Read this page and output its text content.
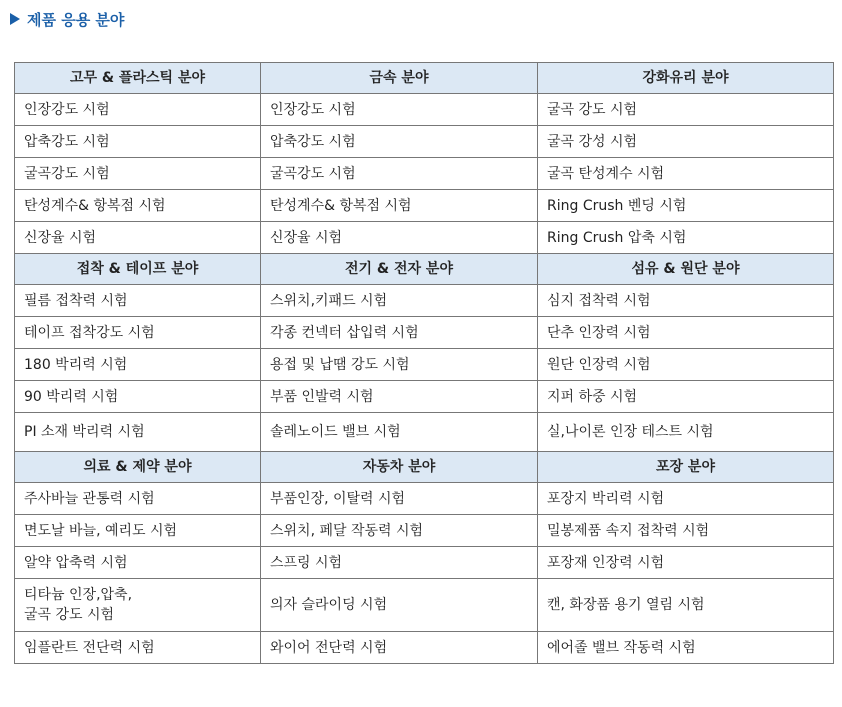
제품 응용 분야
고무 & 플라스틱 분야	금속 분야	강화유리 분야
인장강도 시험	인장강도 시험	굴곡 강도 시험
압축강도 시험	압축강도 시험	굴곡 강성 시험
굴곡강도 시험	굴곡강도 시험	굴곡 탄성계수 시험
탄성계수& 항복점 시험	탄성계수& 항복점 시험	Ring Crush 벤딩 시험
신장율 시험	신장율 시험	Ring Crush 압축 시험
접착 & 테이프 분야	전기 & 전자 분야	섬유 & 원단 분야
필름 접착력 시험	스위치,키패드 시험	심지 접착력 시험
테이프 접착강도 시험	각종 컨넥터 삽입력 시험	단추 인장력 시험
180 박리력 시험	용접 및 납땜 강도 시험	원단 인장력 시험
90 박리력 시험	부품 인발력 시험	지퍼 하중 시험
PI 소재 박리력 시험	솔레노이드 밸브 시험	실,나이론 인장 테스트 시험
의료 & 제약 분야	자동차 분야	포장 분야
주사바늘 관통력 시험	부품인장, 이탈력 시험	포장지 박리력 시험
면도날 바늘, 예리도 시험	스위치, 페달 작동력 시험	밀봉제품 속지 접착력 시험
알약 압축력 시험	스프링 시험	포장재 인장력 시험

티타늄 인장,압축,
굴곡 강도 시험	의자 슬라이딩 시험	캔, 화장품 용기 열림 시험
임플란트 전단력 시험	와이어 전단력 시험	에어졸 밸브 작동력 시험
